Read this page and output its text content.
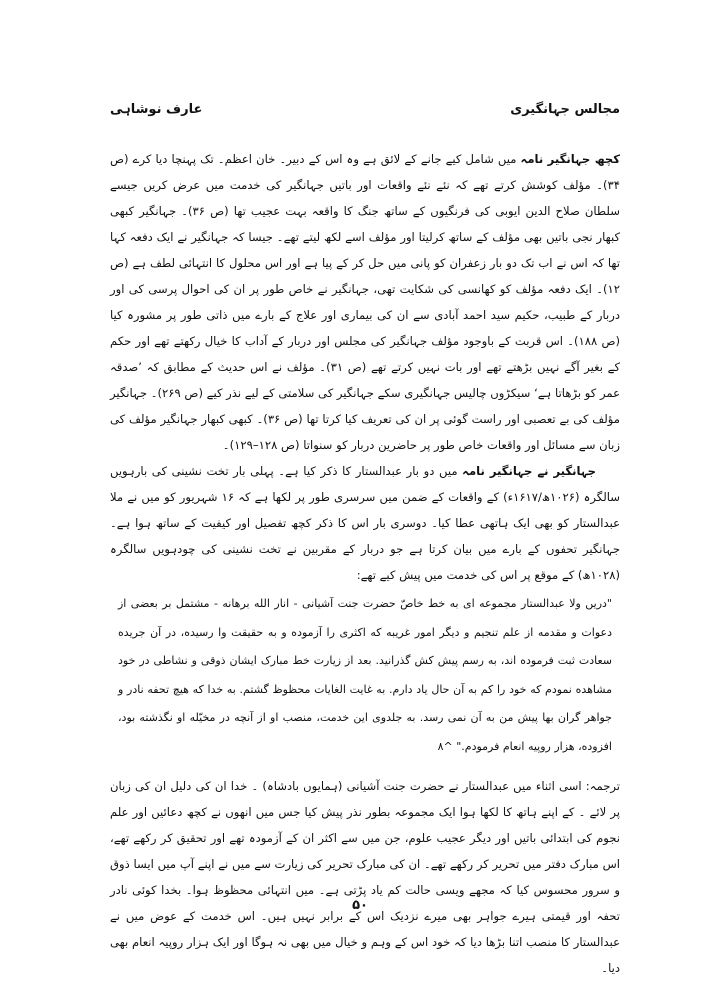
عارف نوشاہی	مجالس جہانگیری

کچھ جہانگیر نامہ میں شامل کیے جانے کے لائق ہے وہ اس کے دبیر۔ خان اعظم۔ تک پہنچا دیا کرے (ص ۳۴)۔ مؤلف کوشش کرتے تھے کہ نئے نئے واقعات اور باتیں جہانگیر کی خدمت میں عرض کریں جیسے سلطان صلاح الدین ایوبی کی فرنگیوں کے ساتھ جنگ کا واقعہ بہت عجیب تھا (ص ۳۶)۔ جہانگیر کبھی کبھار نجی باتیں بھی مؤلف کے ساتھ کرلیتا اور مؤلف اسے لکھ لیتے تھے۔ جیسا کہ جہانگیر نے ایک دفعہ کہا تھا کہ اس نے اب تک دو بار زعفران کو پانی میں حل کر کے پیا ہے اور اس محلول کا انتہائی لطف ہے (ص ۱۲)۔ ایک دفعہ مؤلف کو کھانسی کی شکایت تھی، جہانگیر نے خاص طور پر ان کی احوال پرسی کی اور دربار کے طبیب، حکیم سید احمد آبادی سے ان کی بیماری اور علاج کے بارے میں ذاتی طور پر مشورہ کیا (ص ۱۸۸)۔ اس قربت کے باوجود مؤلف جہانگیر کی مجلس اور دربار کے آداب کا خیال رکھتے تھے اور حکم کے بغیر آگے نہیں بڑھتے تھے اور بات نہیں کرتے تھے (ص ۳۱)۔ مؤلف نے اس حدیث کے مطابق کہ ’صدقہ عمر کو بڑھاتا ہے‘ سیکڑوں چالیس جہانگیری سکے جہانگیر کی سلامتی کے لیے نذر کیے (ص ۲۶۹)۔ جہانگیر مؤلف کی بے تعصبی اور راست گوئی پر ان کی تعریف کیا کرتا تھا (ص ۳۶)۔ کبھی کبھار جہانگیر مؤلف کی زبان سے مسائل اور واقعات خاص طور پر حاضرین دربار کو سنواتا (ص ۱۲۸–۱۲۹)۔

جہانگیر نے جہانگیر نامہ میں دو بار عبدالستار کا ذکر کیا ہے۔ پہلی بار تخت نشینی کی بارہویں سالگرہ (۱۰۲۶ھ/۱۶۱۷ء) کے واقعات کے ضمن میں سرسری طور پر لکھا ہے کہ ۱۶ شہریور کو میں نے ملا عبدالستار کو بھی ایک ہاتھی عطا کیا۔ دوسری بار اس کا ذکر کچھ تفصیل اور کیفیت کے ساتھ ہوا ہے۔ جہانگیر تحفوں کے بارے میں بیان کرتا ہے جو دربار کے مقربین نے تخت نشینی کی چودہویں سالگرہ (۱۰۲۸ھ) کے موقع پر اس کی خدمت میں پیش کیے تھے:

"دریں ولا عبدالستار مجموعه ای به خط خاصّ حضرت جنت آشیانی - انار الله برهانه - مشتمل بر بعضی از دعوات و مقدمه از علم تنجیم و دیگر امور غریبه که اکثری را آزموده و به حقیقت وا رسیده، در آن جریده سعادت ثبت فرموده اند، به رسم پیش کش گذرانید. بعد از زیارت خط مبارک ایشان ذوقی و نشاطی در خود مشاهده نمودم که خود را کم به آن حال یاد دارم. به غایت الغایات محظوظ گشتم. به خدا که هیچ تحفه نادر و جواهر گران بها پیش من به آن نمی رسد. به جلدوی این خدمت، منصب او از آنچه در مخیّله او نگذشته بود، افزوده، هزار روپیه انعام فرمودم." ^۸

ترجمہ: اسی اثناء میں عبدالستار نے حضرت جنت آشیانی (ہمایوں بادشاہ) ۔ خدا ان کی دلیل ان کی زبان پر لائے ۔ کے اپنے ہاتھ کا لکھا ہوا ایک مجموعہ بطور نذر پیش کیا جس میں انھوں نے کچھ دعائیں اور علم نجوم کی ابتدائی باتیں اور دیگر عجیب علوم، جن میں سے اکثر ان کے آزمودہ تھے اور تحقیق کر رکھے تھے، اس مبارک دفتر میں تحریر کر رکھے تھے۔ ان کی مبارک تحریر کی زیارت سے میں نے اپنے آپ میں ایسا ذوق و سرور محسوس کیا کہ مجھے ویسی حالت کم یاد پڑتی ہے۔ میں انتہائی محظوظ ہوا۔ بخدا کوئی نادر تحفہ اور قیمتی ہیرے جواہر بھی میرے نزدیک اس کے برابر نہیں ہیں۔ اس خدمت کے عوض میں نے عبدالستار کا منصب اتنا بڑھا دیا کہ خود اس کے وہم و خیال میں بھی نہ ہوگا اور ایک ہزار روپیہ انعام بھی دیا۔

۵۰
